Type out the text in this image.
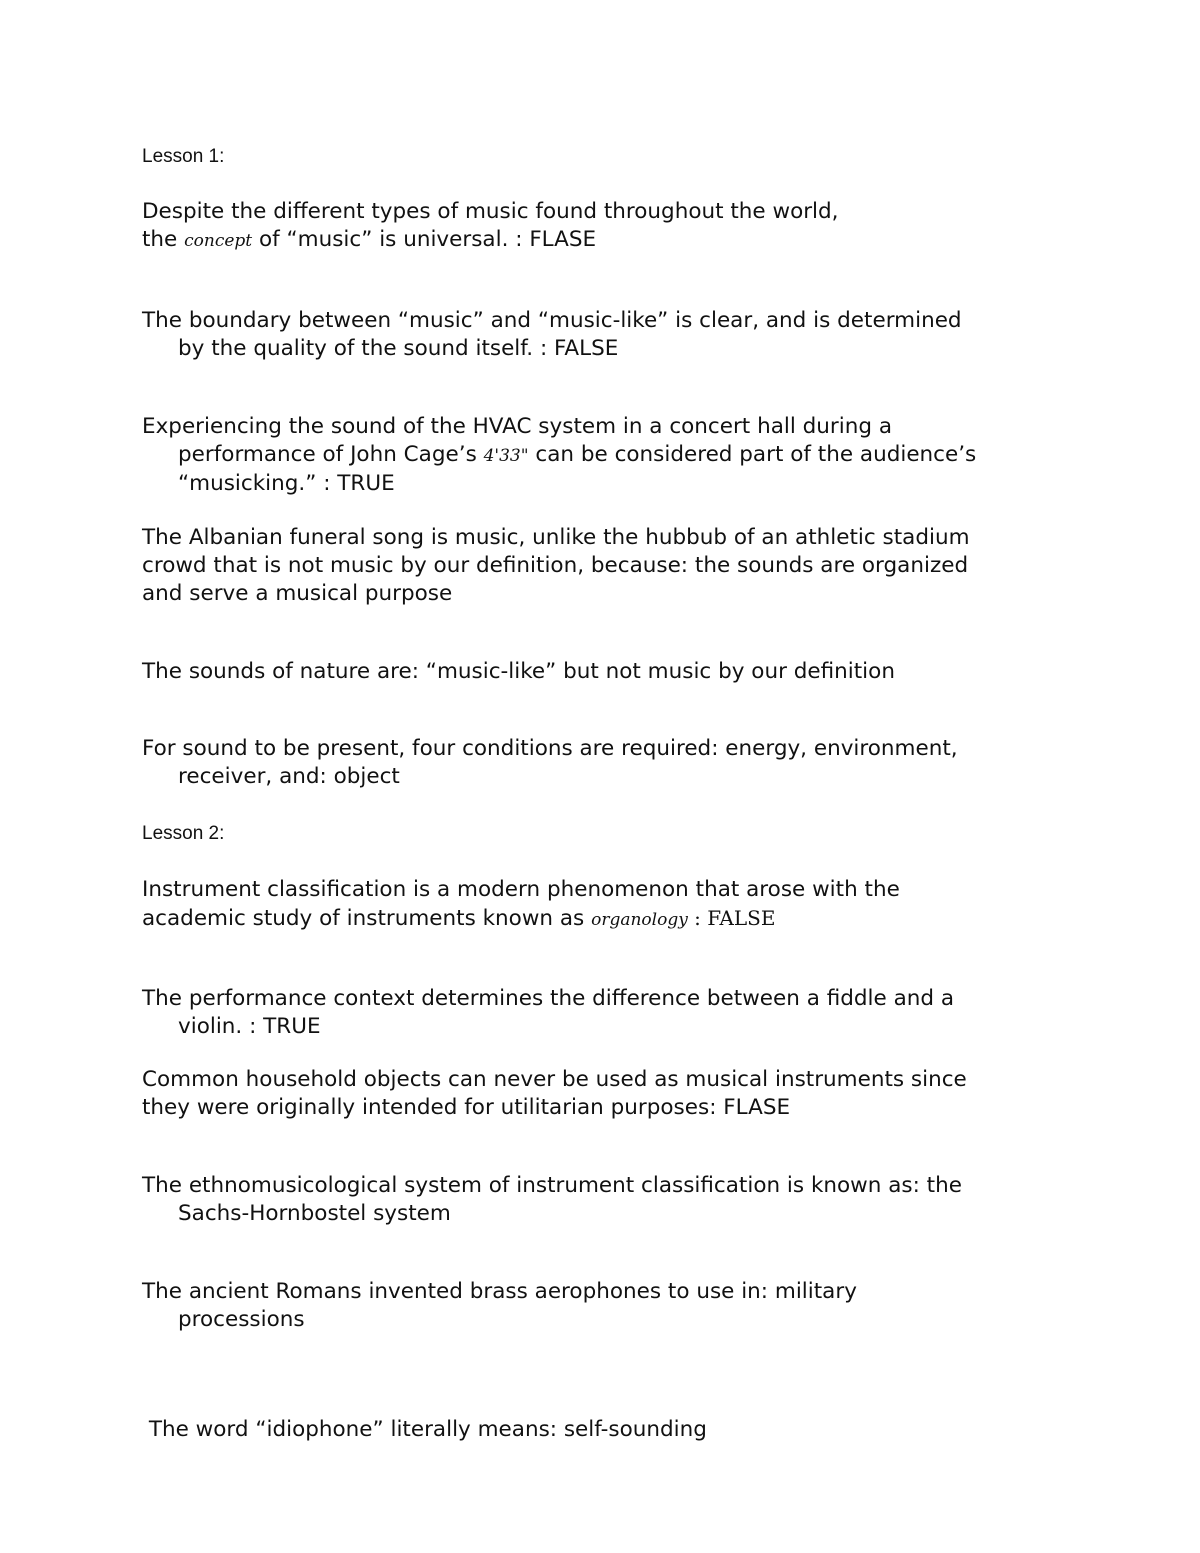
Lesson 1:
Despite the different types of music found throughout the world,
the concept of “music” is universal. : FLASE
The boundary between “music” and “music-like” is clear, and is determined
by the quality of the sound itself. : FALSE
Experiencing the sound of the HVAC system in a concert hall during a
performance of John Cage’s 4'33" can be considered part of the audience’s
“musicking.” : TRUE
The Albanian funeral song is music, unlike the hubbub of an athletic stadium
crowd that is not music by our definition, because: the sounds are organized
and serve a musical purpose
The sounds of nature are: “music-like” but not music by our definition
For sound to be present, four conditions are required: energy, environment,
receiver, and: object
Lesson 2:
Instrument classification is a modern phenomenon that arose with the
academic study of instruments known as organology : FALSE
The performance context determines the difference between a fiddle and a
violin. : TRUE
Common household objects can never be used as musical instruments since
they were originally intended for utilitarian purposes: FLASE
The ethnomusicological system of instrument classification is known as: the
Sachs-Hornbostel system
The ancient Romans invented brass aerophones to use in: military
processions

The word “idiophone” literally means: self-sounding
